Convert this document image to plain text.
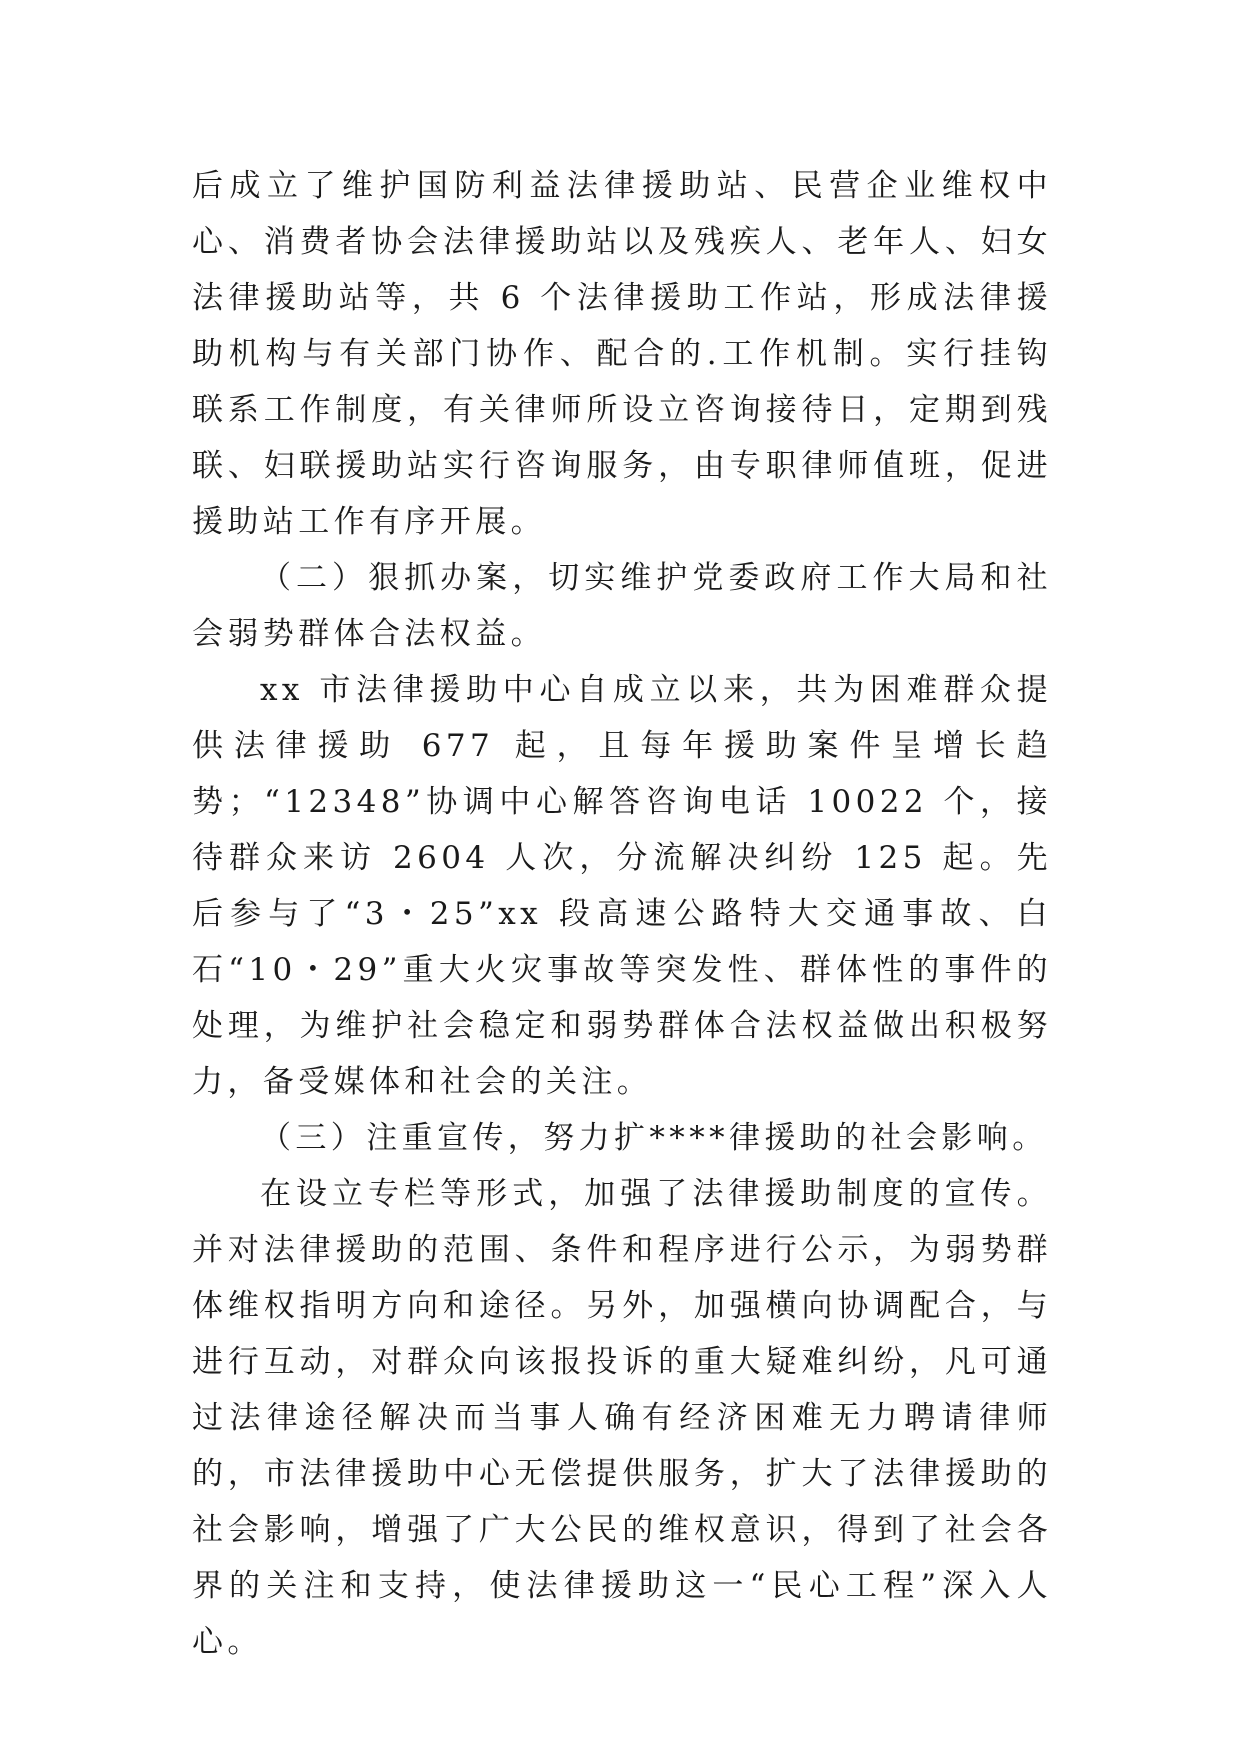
后成立了维护国防利益法律援助站、民营企业维权中心、消费者协会法律援助站以及残疾人、老年人、妇女法律援助站等，共 6 个法律援助工作站，形成法律援助机构与有关部门协作、配合的.工作机制。实行挂钩联系工作制度，有关律师所设立咨询接待日，定期到残联、妇联援助站实行咨询服务，由专职律师值班，促进援助站工作有序开展。

（二）狠抓办案，切实维护党委政府工作大局和社会弱势群体合法权益。

xx 市法律援助中心自成立以来，共为困难群众提供法律援助 677 起，且每年援助案件呈增长趋势；“12348”协调中心解答咨询电话 10022 个，接待群众来访 2604 人次，分流解决纠纷 125 起。先后参与了“3・25”xx 段高速公路特大交通事故、白石“10・29”重大火灾事故等突发性、群体性的事件的处理，为维护社会稳定和弱势群体合法权益做出积极努力，备受媒体和社会的关注。

（三）注重宣传，努力扩****律援助的社会影响。

在设立专栏等形式，加强了法律援助制度的宣传。并对法律援助的范围、条件和程序进行公示，为弱势群体维权指明方向和途径。另外，加强横向协调配合，与进行互动，对群众向该报投诉的重大疑难纠纷，凡可通过法律途径解决而当事人确有经济困难无力聘请律师的，市法律援助中心无偿提供服务，扩大了法律援助的社会影响，增强了广大公民的维权意识，得到了社会各界的关注和支持，使法律援助这一“民心工程”深入人心。
